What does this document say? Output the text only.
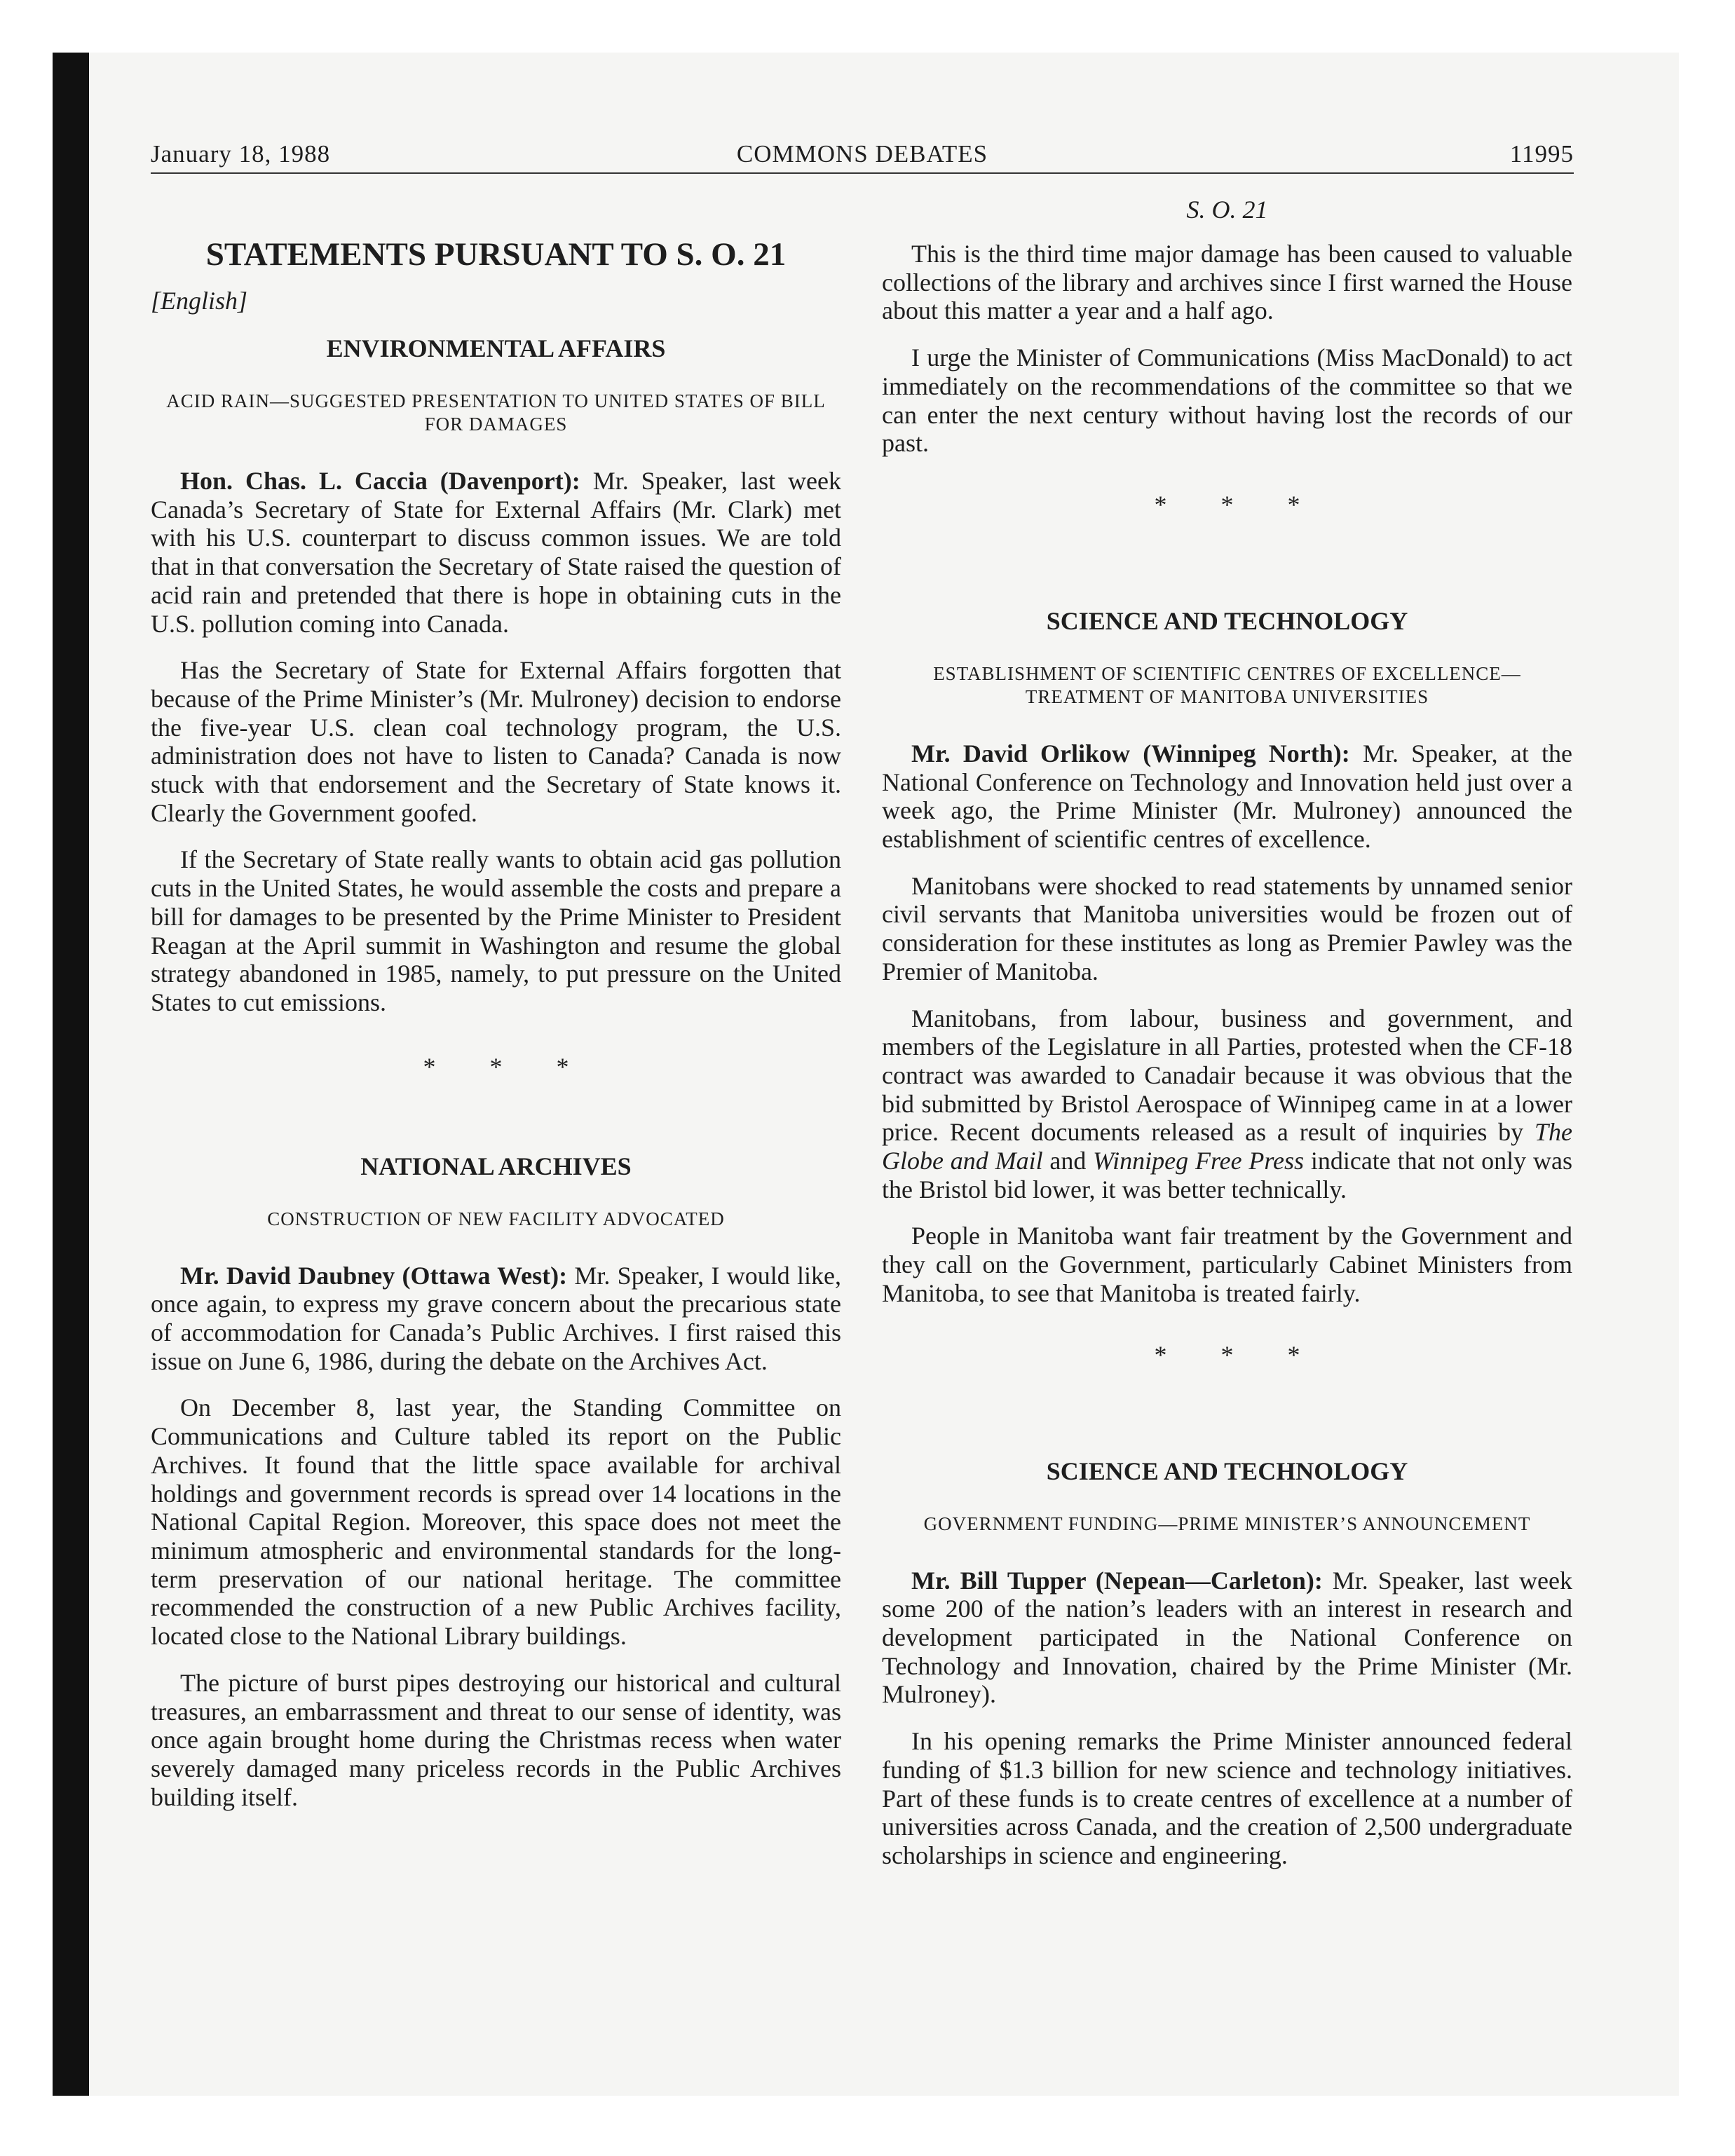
January 18, 1988	COMMONS DEBATES	11995
STATEMENTS PURSUANT TO S. O. 21
[English]
ENVIRONMENTAL AFFAIRS
ACID RAIN—SUGGESTED PRESENTATION TO UNITED STATES OF BILL FOR DAMAGES

Hon. Chas. L. Caccia (Davenport): Mr. Speaker, last week Canada’s Secretary of State for External Affairs (Mr. Clark) met with his U.S. counterpart to discuss common issues. We are told that in that conversation the Secretary of State raised the question of acid rain and pretended that there is hope in obtaining cuts in the U.S. pollution coming into Canada.

Has the Secretary of State for External Affairs forgotten that because of the Prime Minister’s (Mr. Mulroney) decision to endorse the five-year U.S. clean coal technology program, the U.S. administration does not have to listen to Canada? Canada is now stuck with that endorsement and the Secretary of State knows it. Clearly the Government goofed.

If the Secretary of State really wants to obtain acid gas pollution cuts in the United States, he would assemble the costs and prepare a bill for damages to be presented by the Prime Minister to President Reagan at the April summit in Washington and resume the global strategy abandoned in 1985, namely, to put pressure on the United States to cut emissions.

* * *
NATIONAL ARCHIVES
CONSTRUCTION OF NEW FACILITY ADVOCATED

Mr. David Daubney (Ottawa West): Mr. Speaker, I would like, once again, to express my grave concern about the precarious state of accommodation for Canada’s Public Archives. I first raised this issue on June 6, 1986, during the debate on the Archives Act.

On December 8, last year, the Standing Committee on Communications and Culture tabled its report on the Public Archives. It found that the little space available for archival holdings and government records is spread over 14 locations in the National Capital Region. Moreover, this space does not meet the minimum atmospheric and environmental standards for the long-term preservation of our national heritage. The committee recommended the construction of a new Public Archives facility, located close to the National Library buildings.

The picture of burst pipes destroying our historical and cultural treasures, an embarrassment and threat to our sense of identity, was once again brought home during the Christmas recess when water severely damaged many priceless records in the Public Archives building itself.

S. O. 21

This is the third time major damage has been caused to valuable collections of the library and archives since I first warned the House about this matter a year and a half ago.

I urge the Minister of Communications (Miss MacDonald) to act immediately on the recommendations of the committee so that we can enter the next century without having lost the records of our past.

* * *
SCIENCE AND TECHNOLOGY
ESTABLISHMENT OF SCIENTIFIC CENTRES OF EXCELLENCE—TREATMENT OF MANITOBA UNIVERSITIES

Mr. David Orlikow (Winnipeg North): Mr. Speaker, at the National Conference on Technology and Innovation held just over a week ago, the Prime Minister (Mr. Mulroney) announced the establishment of scientific centres of excellence.

Manitobans were shocked to read statements by unnamed senior civil servants that Manitoba universities would be frozen out of consideration for these institutes as long as Premier Pawley was the Premier of Manitoba.

Manitobans, from labour, business and government, and members of the Legislature in all Parties, protested when the CF-18 contract was awarded to Canadair because it was obvious that the bid submitted by Bristol Aerospace of Winnipeg came in at a lower price. Recent documents released as a result of inquiries by The Globe and Mail and Winnipeg Free Press indicate that not only was the Bristol bid lower, it was better technically.

People in Manitoba want fair treatment by the Government and they call on the Government, particularly Cabinet Ministers from Manitoba, to see that Manitoba is treated fairly.

* * *
SCIENCE AND TECHNOLOGY
GOVERNMENT FUNDING—PRIME MINISTER’S ANNOUNCEMENT

Mr. Bill Tupper (Nepean—Carleton): Mr. Speaker, last week some 200 of the nation’s leaders with an interest in research and development participated in the National Conference on Technology and Innovation, chaired by the Prime Minister (Mr. Mulroney).

In his opening remarks the Prime Minister announced federal funding of $1.3 billion for new science and technology initiatives. Part of these funds is to create centres of excellence at a number of universities across Canada, and the creation of 2,500 undergraduate scholarships in science and engineering.
